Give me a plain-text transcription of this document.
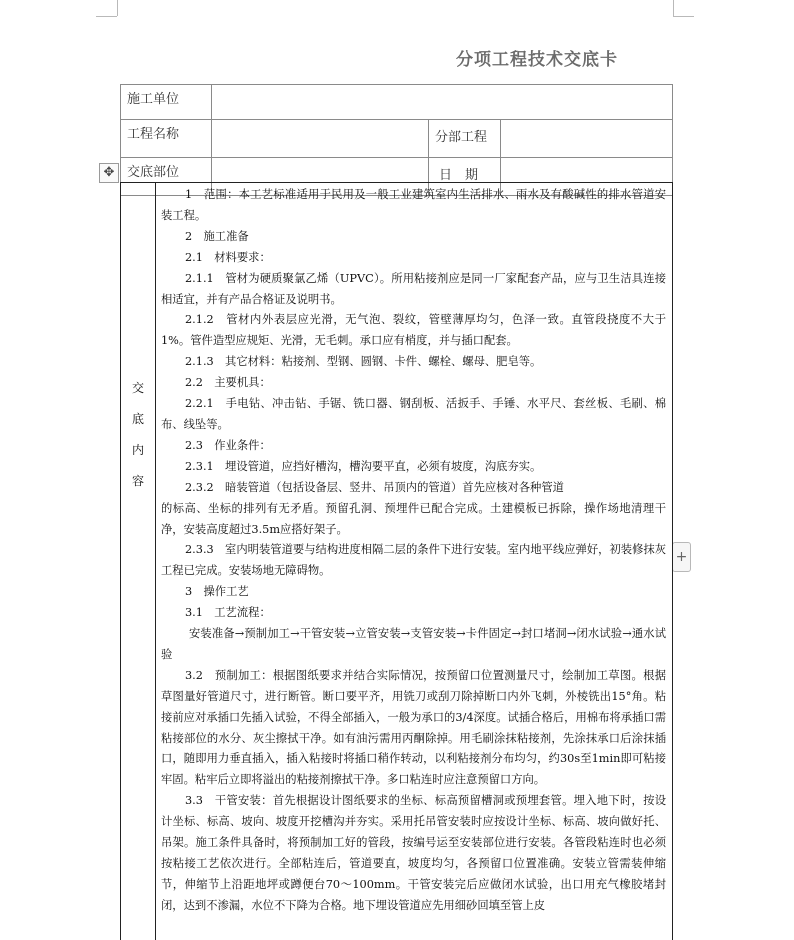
分项工程技术交底卡
施工单位			
工程名称		分部工程	
交底部位		日　期	
✥
+
交
底
内
容

1　范围：本工艺标准适用于民用及一般工业建筑室内生活排水、雨水及有酸碱性的排水管道安装工程。

2　施工准备

2.1　材料要求：

2.1.1　管材为硬质聚氯乙烯（UPVC）。所用粘接剂应是同一厂家配套产品，应与卫生洁具连接相适宜，并有产品合格证及说明书。

2.1.2　管材内外表层应光滑，无气泡、裂纹，管壁薄厚均匀，色泽一致。直管段挠度不大于1%。管件造型应规矩、光滑，无毛刺。承口应有梢度，并与插口配套。

2.1.3　其它材料：粘接剂、型钢、圆钢、卡件、螺栓、螺母、肥皂等。

2.2　主要机具：

2.2.1　手电钻、冲击钻、手锯、铣口器、钢刮板、活扳手、手锤、水平尺、套丝板、毛刷、棉布、线坠等。

2.3　作业条件：

2.3.1　埋设管道，应挡好槽沟，槽沟要平直，必须有坡度，沟底夯实。

2.3.2　暗装管道（包括设备层、竖井、吊顶内的管道）首先应核对各种管道

的标高、坐标的排列有无矛盾。预留孔洞、预埋件已配合完成。土建模板已拆除，操作场地清理干净，安装高度超过3.5m应搭好架子。

2.3.3　室内明装管道要与结构进度相隔二层的条件下进行安装。室内地平线应弹好，初装修抹灰工程已完成。安装场地无障碍物。

3　操作工艺

3.1　工艺流程：

安装准备→预制加工→干管安装→立管安装→支管安装→卡件固定→封口堵洞→闭水试验→通水试验

3.2　预制加工：根据图纸要求并结合实际情况，按预留口位置测量尺寸，绘制加工草图。根据草图量好管道尺寸，进行断管。断口要平齐，用铣刀或刮刀除掉断口内外飞刺，外棱铣出15°角。粘接前应对承插口先插入试验，不得全部插入，一般为承口的3/4深度。试插合格后，用棉布将承插口需粘接部位的水分、灰尘擦拭干净。如有油污需用丙酮除掉。用毛刷涂抹粘接剂，先涂抹承口后涂抹插口，随即用力垂直插入，插入粘接时将插口稍作转动，以利粘接剂分布均匀，约30s至1min即可粘接牢固。粘牢后立即将溢出的粘接剂擦拭干净。多口粘连时应注意预留口方向。

3.3　干管安装：首先根据设计图纸要求的坐标、标高预留槽洞或预埋套管。埋入地下时，按设计坐标、标高、坡向、坡度开挖槽沟并夯实。采用托吊管安装时应按设计坐标、标高、坡向做好托、吊架。施工条件具备时，将预制加工好的管段，按编号运至安装部位进行安装。各管段粘连时也必须按粘接工艺依次进行。全部粘连后，管道要直，坡度均匀，各预留口位置准确。安装立管需装伸缩节，伸缩节上沿距地坪或蹲便台70～100mm。干管安装完后应做闭水试验，出口用充气橡胶堵封闭，达到不渗漏，水位不下降为合格。地下埋设管道应先用细砂回填至管上皮
